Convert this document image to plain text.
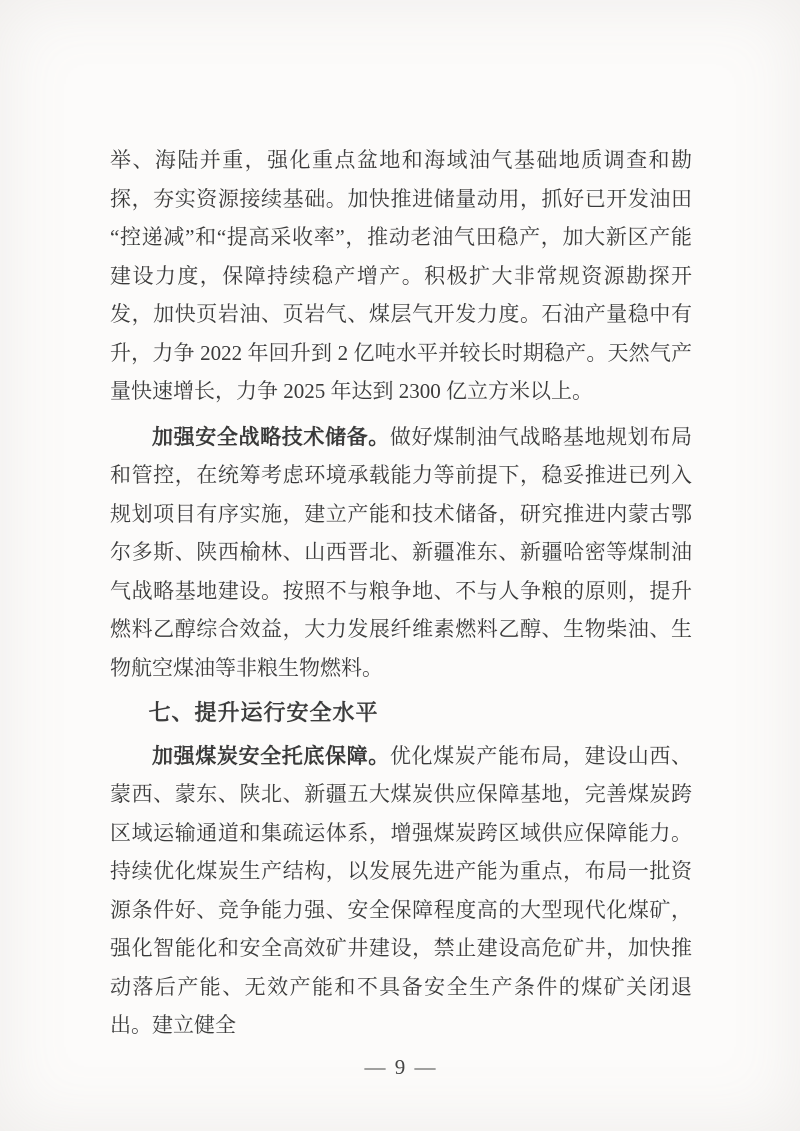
举、海陆并重，强化重点盆地和海域油气基础地质调查和勘探，夯实资源接续基础。加快推进储量动用，抓好已开发油田“控递减”和“提高采收率”，推动老油气田稳产，加大新区产能建设力度，保障持续稳产增产。积极扩大非常规资源勘探开发，加快页岩油、页岩气、煤层气开发力度。石油产量稳中有升，力争 2022 年回升到 2 亿吨水平并较长时期稳产。天然气产量快速增长，力争 2025 年达到 2300 亿立方米以上。

加强安全战略技术储备。做好煤制油气战略基地规划布局和管控，在统筹考虑环境承载能力等前提下，稳妥推进已列入规划项目有序实施，建立产能和技术储备，研究推进内蒙古鄂尔多斯、陕西榆林、山西晋北、新疆准东、新疆哈密等煤制油气战略基地建设。按照不与粮争地、不与人争粮的原则，提升燃料乙醇综合效益，大力发展纤维素燃料乙醇、生物柴油、生物航空煤油等非粮生物燃料。

七、提升运行安全水平

加强煤炭安全托底保障。优化煤炭产能布局，建设山西、蒙西、蒙东、陕北、新疆五大煤炭供应保障基地，完善煤炭跨区域运输通道和集疏运体系，增强煤炭跨区域供应保障能力。持续优化煤炭生产结构，以发展先进产能为重点，布局一批资源条件好、竞争能力强、安全保障程度高的大型现代化煤矿，强化智能化和安全高效矿井建设，禁止建设高危矿井，加快推动落后产能、无效产能和不具备安全生产条件的煤矿关闭退出。建立健全

— 9 —
